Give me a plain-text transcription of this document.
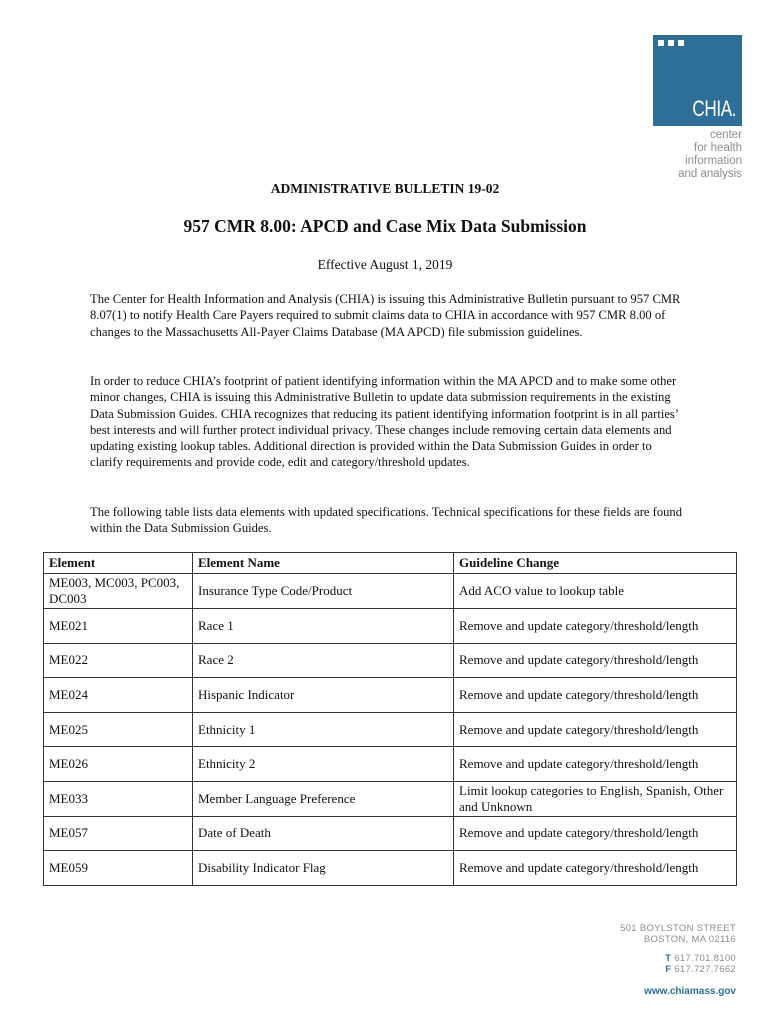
CHIA.
center
for health
information
and analysis
ADMINISTRATIVE BULLETIN 19-02
957 CMR 8.00: APCD and Case Mix Data Submission
Effective August 1, 2019

The Center for Health Information and Analysis (CHIA) is issuing this Administrative Bulletin pursuant to 957 CMR 8.07(1) to notify Health Care Payers required to submit claims data to CHIA in accordance with 957 CMR 8.00 of changes to the Massachusetts All-Payer Claims Database (MA APCD) file submission guidelines.

In order to reduce CHIA’s footprint of patient identifying information within the MA APCD and to make some other minor changes, CHIA is issuing this Administrative Bulletin to update data submission requirements in the existing Data Submission Guides. CHIA recognizes that reducing its patient identifying information footprint is in all parties’ best interests and will further protect individual privacy. These changes include removing certain data elements and updating existing lookup tables. Additional direction is provided within the Data Submission Guides in order to clarify requirements and provide code, edit and category/threshold updates.

The following table lists data elements with updated specifications. Technical specifications for these fields are found within the Data Submission Guides.

Element	Element Name	Guideline Change
ME003, MC003, PC003, DC003	Insurance Type Code/Product	Add ACO value to lookup table
ME021	Race 1	Remove and update category/threshold/length
ME022	Race 2	Remove and update category/threshold/length
ME024	Hispanic Indicator	Remove and update category/threshold/length
ME025	Ethnicity 1	Remove and update category/threshold/length
ME026	Ethnicity 2	Remove and update category/threshold/length
ME033	Member Language Preference	Limit lookup categories to English, Spanish, Other and Unknown
ME057	Date of Death	Remove and update category/threshold/length
ME059	Disability Indicator Flag	Remove and update category/threshold/length
501 BOYLSTON STREET
BOSTON, MA 02116
T 617.701.8100
F 617.727.7662
www.chiamass.gov
